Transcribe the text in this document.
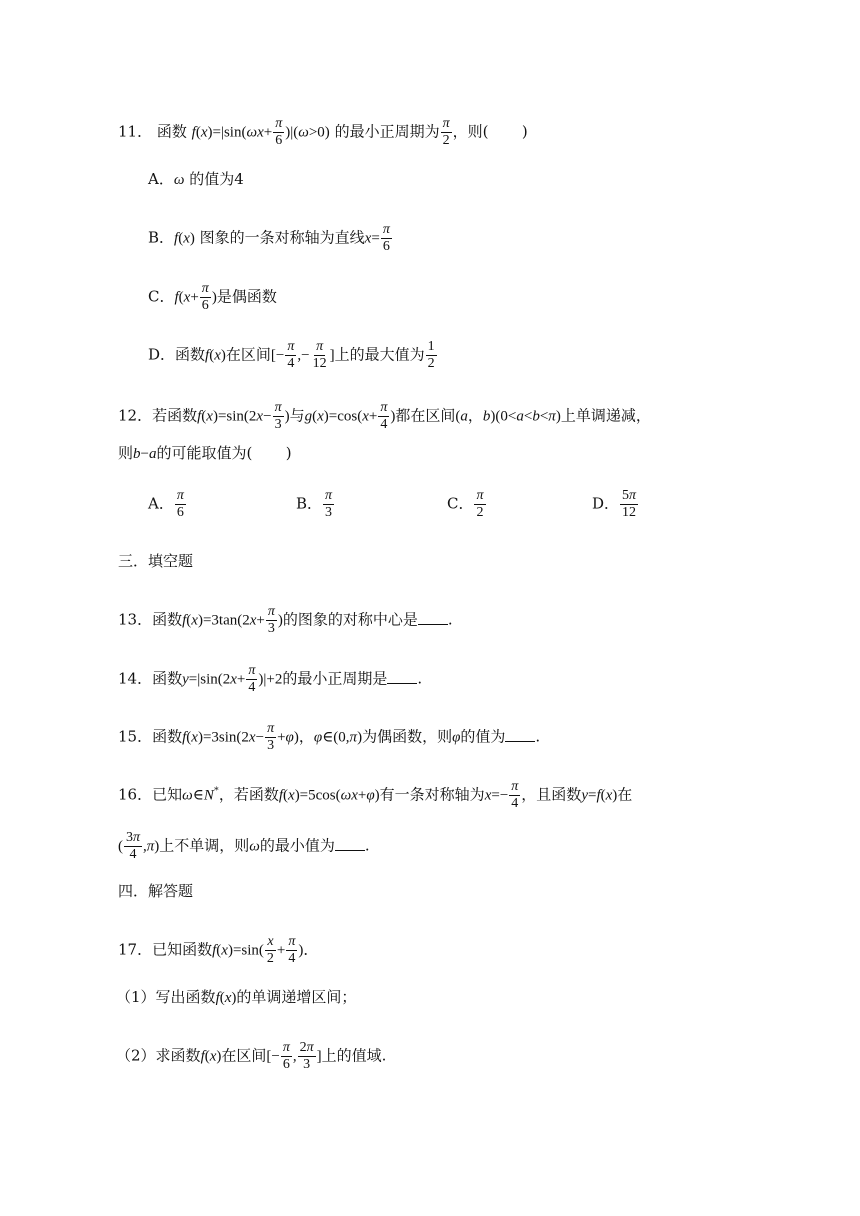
11． 函数 $f(x)=|\sin(\omega x+ \frac{\pi}{6} )|(\omega>0)$ 的最小正周期为 $\frac{\pi}{2}$ ，则( )
A．ω 的值为4
B．f(x) 图象的一条对称轴为直线$x= \frac{\pi}{6}$
C．$f(x+ \frac{\pi}{6}$ )是偶函数
D．函数f(x)在区间[− $\frac{\pi}{4}$ ,− $\frac{\pi}{12}$ ]上的最大值为 $\frac{1}{2}$
12．若函数$f(x)=\sin(2x- \frac{\pi}{3}$ )与$g(x)=\cos(x+ \frac{\pi}{4}$ )都在区间(a，b)(0<a<b<π)上单调递减，
则b−a的可能取值为( )
A． $\frac{\pi}{6}$	B． $\frac{\pi}{3}$	C． $\frac{\pi}{2}$	D． $\frac{5\pi}{12}$
三．填空题
13．函数$f(x)=3\tan(2x+ \frac{\pi}{3}$ )的图象的对称中心是 .
14．函数$y=|\sin(2x+ \frac{\pi}{4} )|+2$的最小正周期是 .
15．函数$f(x)=3\sin(2x- \frac{\pi}{3} +\varphi)$，φ∈(0,π)为偶函数，则φ的值为 .
16．已知ω∈N*，若函数f(x)=5cos(ωx+φ)有一条对称轴为$x=- \frac{\pi}{4}$ ，且函数y=f(x)在
( $\frac{3\pi}{4} ,\pi$)上不单调，则ω的最小值为 .
四．解答题
17．已知函数$f(x)=\sin( \frac{x}{2} + \frac{\pi}{4}$ )．
（1）写出函数f(x)的单调递增区间；
（2）求函数f(x)在区间[− $\frac{\pi}{6}$ , $\frac{2\pi}{3}$ ]上的值域.
